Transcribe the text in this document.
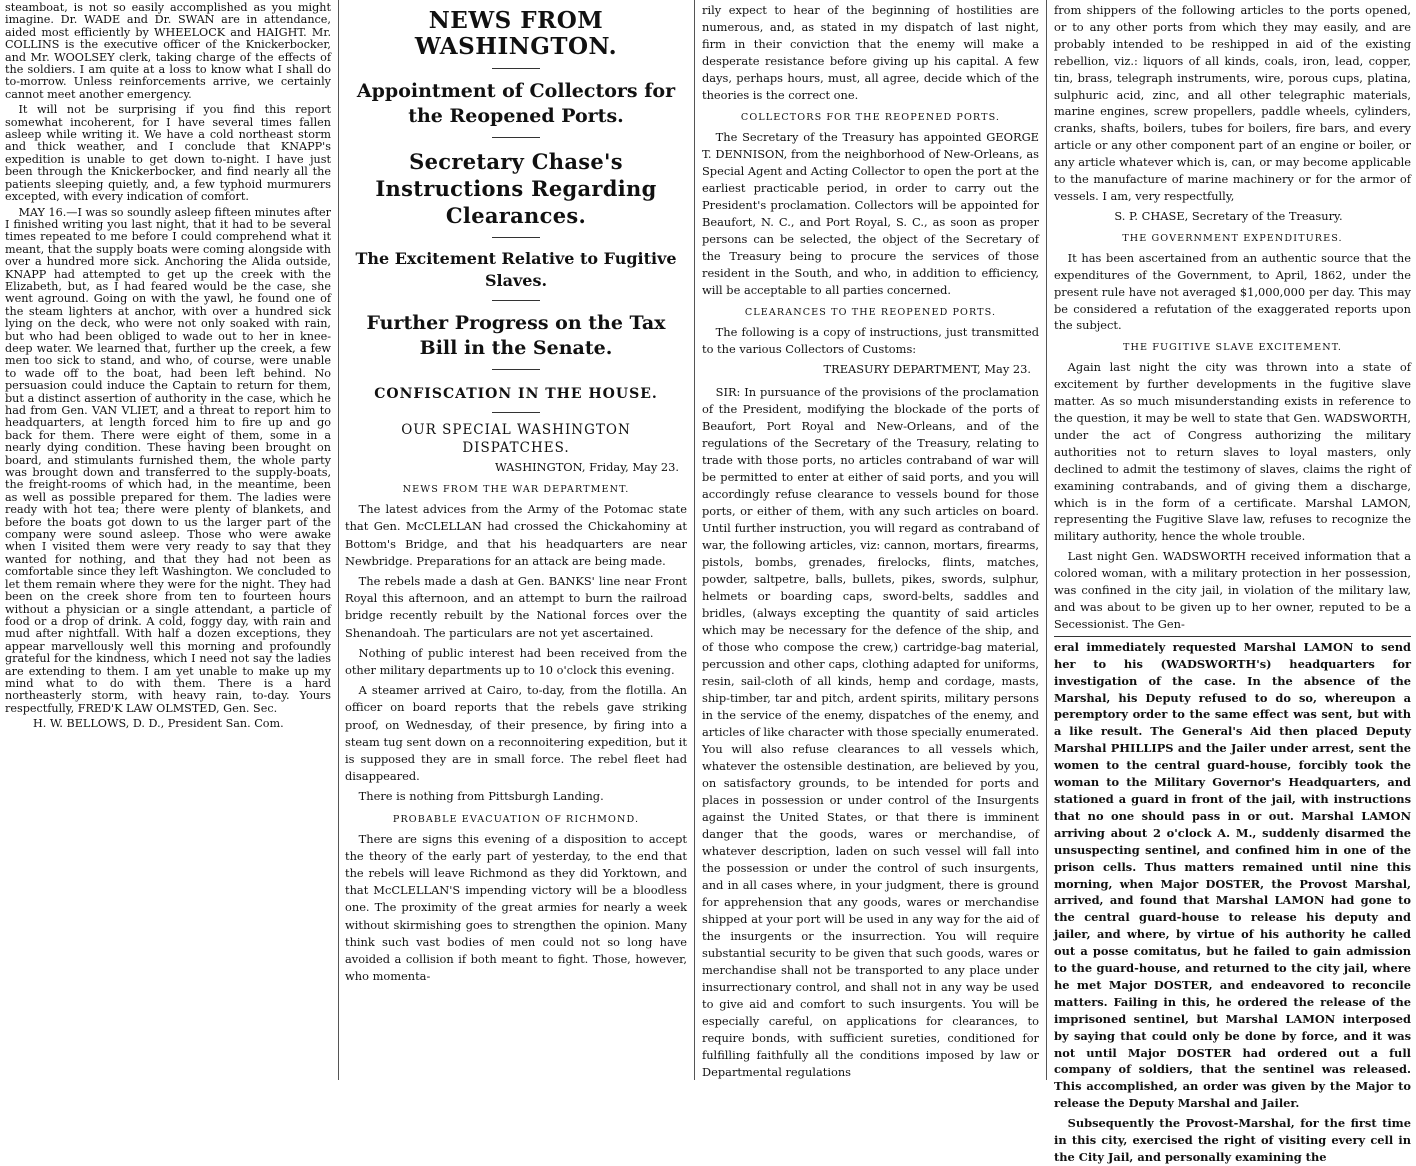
steamboat, is not so easily accomplished as you might imagine. Dr. WADE and Dr. SWAN are in attendance, aided most efficiently by WHEELOCK and HAIGHT. Mr. COLLINS is the executive officer of the Knickerbocker, and Mr. WOOLSEY clerk, taking charge of the effects of the soldiers. I am quite at a loss to know what I shall do to-morrow. Unless reinforcements arrive, we certainly cannot meet another emergency.

It will not be surprising if you find this report somewhat incoherent, for I have several times fallen asleep while writing it. We have a cold northeast storm and thick weather, and I conclude that KNAPP's expedition is unable to get down to-night. I have just been through the Knickerbocker, and find nearly all the patients sleeping quietly, and, a few typhoid murmurers excepted, with every indication of comfort.

MAY 16.—I was so soundly asleep fifteen minutes after I finished writing you last night, that it had to be several times repeated to me before I could comprehend what it meant, that the supply boats were coming alongside with over a hundred more sick. Anchoring the Alida outside, KNAPP had attempted to get up the creek with the Elizabeth, but, as I had feared would be the case, she went aground. Going on with the yawl, he found one of the steam lighters at anchor, with over a hundred sick lying on the deck, who were not only soaked with rain, but who had been obliged to wade out to her in knee-deep water. We learned that, further up the creek, a few men too sick to stand, and who, of course, were unable to wade off to the boat, had been left behind. No persuasion could induce the Captain to return for them, but a distinct assertion of authority in the case, which he had from Gen. VAN VLIET, and a threat to report him to headquarters, at length forced him to fire up and go back for them. There were eight of them, some in a nearly dying condition. These having been brought on board, and stimulants furnished them, the whole party was brought down and transferred to the supply-boats, the freight-rooms of which had, in the meantime, been as well as possible prepared for them. The ladies were ready with hot tea; there were plenty of blankets, and before the boats got down to us the larger part of the company were sound asleep. Those who were awake when I visited them were very ready to say that they wanted for nothing, and that they had not been as comfortable since they left Washington. We concluded to let them remain where they were for the night. They had been on the creek shore from ten to fourteen hours without a physician or a single attendant, a particle of food or a drop of drink. A cold, foggy day, with rain and mud after nightfall. With half a dozen exceptions, they appear marvellously well this morning and profoundly grateful for the kindness, which I need not say the ladies are extending to them. I am yet unable to make up my mind what to do with them. There is a hard northeasterly storm, with heavy rain, to-day. Yours respectfully, FRED'K LAW OLMSTED, Gen. Sec.

H. W. BELLOWS, D. D., President San. Com.

NEWS FROM WASHINGTON.
Appointment of Collectors for the Reopened Ports.
Secretary Chase's Instructions Regarding Clearances.
The Excitement Relative to Fugitive Slaves.
Further Progress on the Tax Bill in the Senate.
CONFISCATION IN THE HOUSE.
OUR SPECIAL WASHINGTON DISPATCHES.
WASHINGTON, Friday, May 23.
NEWS FROM THE WAR DEPARTMENT.

The latest advices from the Army of the Potomac state that Gen. McCLELLAN had crossed the Chickahominy at Bottom's Bridge, and that his headquarters are near Newbridge. Preparations for an attack are being made.

The rebels made a dash at Gen. BANKS' line near Front Royal this afternoon, and an attempt to burn the railroad bridge recently rebuilt by the National forces over the Shenandoah. The particulars are not yet ascertained.

Nothing of public interest had been received from the other military departments up to 10 o'clock this evening.

A steamer arrived at Cairo, to-day, from the flotilla. An officer on board reports that the rebels gave striking proof, on Wednesday, of their presence, by firing into a steam tug sent down on a reconnoitering expedition, but it is supposed they are in small force. The rebel fleet had disappeared.

There is nothing from Pittsburgh Landing.

PROBABLE EVACUATION OF RICHMOND.

There are signs this evening of a disposition to accept the theory of the early part of yesterday, to the end that the rebels will leave Richmond as they did Yorktown, and that McCLELLAN'S impending victory will be a bloodless one. The proximity of the great armies for nearly a week without skirmishing goes to strengthen the opinion. Many think such vast bodies of men could not so long have avoided a collision if both meant to fight. Those, however, who momenta-

rily expect to hear of the beginning of hostilities are numerous, and, as stated in my dispatch of last night, firm in their conviction that the enemy will make a desperate resistance before giving up his capital. A few days, perhaps hours, must, all agree, decide which of the theories is the correct one.

COLLECTORS FOR THE REOPENED PORTS.

The Secretary of the Treasury has appointed GEORGE T. DENNISON, from the neighborhood of New-Orleans, as Special Agent and Acting Collector to open the port at the earliest practicable period, in order to carry out the President's proclamation. Collectors will be appointed for Beaufort, N. C., and Port Royal, S. C., as soon as proper persons can be selected, the object of the Secretary of the Treasury being to procure the services of those resident in the South, and who, in addition to efficiency, will be acceptable to all parties concerned.

CLEARANCES TO THE REOPENED PORTS.

The following is a copy of instructions, just transmitted to the various Collectors of Customs:

TREASURY DEPARTMENT, May 23.

SIR: In pursuance of the provisions of the proclamation of the President, modifying the blockade of the ports of Beaufort, Port Royal and New-Orleans, and of the regulations of the Secretary of the Treasury, relating to trade with those ports, no articles contraband of war will be permitted to enter at either of said ports, and you will accordingly refuse clearance to vessels bound for those ports, or either of them, with any such articles on board. Until further instruction, you will regard as contraband of war, the following articles, viz: cannon, mortars, firearms, pistols, bombs, grenades, firelocks, flints, matches, powder, saltpetre, balls, bullets, pikes, swords, sulphur, helmets or boarding caps, sword-belts, saddles and bridles, (always excepting the quantity of said articles which may be necessary for the defence of the ship, and of those who compose the crew,) cartridge-bag material, percussion and other caps, clothing adapted for uniforms, resin, sail-cloth of all kinds, hemp and cordage, masts, ship-timber, tar and pitch, ardent spirits, military persons in the service of the enemy, dispatches of the enemy, and articles of like character with those specially enumerated. You will also refuse clearances to all vessels which, whatever the ostensible destination, are believed by you, on satisfactory grounds, to be intended for ports and places in possession or under control of the Insurgents against the United States, or that there is imminent danger that the goods, wares or merchandise, of whatever description, laden on such vessel will fall into the possession or under the control of such insurgents, and in all cases where, in your judgment, there is ground for apprehension that any goods, wares or merchandise shipped at your port will be used in any way for the aid of the insurgents or the insurrection. You will require substantial security to be given that such goods, wares or merchandise shall not be transported to any place under insurrectionary control, and shall not in any way be used to give aid and comfort to such insurgents. You will be especially careful, on applications for clearances, to require bonds, with sufficient sureties, conditioned for fulfilling faithfully all the conditions imposed by law or Departmental regulations

from shippers of the following articles to the ports opened, or to any other ports from which they may easily, and are probably intended to be reshipped in aid of the existing rebellion, viz.: liquors of all kinds, coals, iron, lead, copper, tin, brass, telegraph instruments, wire, porous cups, platina, sulphuric acid, zinc, and all other telegraphic materials, marine engines, screw propellers, paddle wheels, cylinders, cranks, shafts, boilers, tubes for boilers, fire bars, and every article or any other component part of an engine or boiler, or any article whatever which is, can, or may become applicable to the manufacture of marine machinery or for the armor of vessels. I am, very respectfully,

S. P. CHASE, Secretary of the Treasury.
THE GOVERNMENT EXPENDITURES.

It has been ascertained from an authentic source that the expenditures of the Government, to April, 1862, under the present rule have not averaged $1,000,000 per day. This may be considered a refutation of the exaggerated reports upon the subject.

THE FUGITIVE SLAVE EXCITEMENT.

Again last night the city was thrown into a state of excitement by further developments in the fugitive slave matter. As so much misunderstanding exists in reference to the question, it may be well to state that Gen. WADSWORTH, under the act of Congress authorizing the military authorities not to return slaves to loyal masters, only declined to admit the testimony of slaves, claims the right of examining contrabands, and of giving them a discharge, which is in the form of a certificate. Marshal LAMON, representing the Fugitive Slave law, refuses to recognize the military authority, hence the whole trouble.

Last night Gen. WADSWORTH received information that a colored woman, with a military protection in her possession, was confined in the city jail, in violation of the military law, and was about to be given up to her owner, reputed to be a Secessionist. The Gen-

eral immediately requested Marshal LAMON to send her to his (WADSWORTH's) headquarters for investigation of the case. In the absence of the Marshal, his Deputy refused to do so, whereupon a peremptory order to the same effect was sent, but with a like result. The General's Aid then placed Deputy Marshal PHILLIPS and the Jailer under arrest, sent the women to the central guard-house, forcibly took the woman to the Military Governor's Headquarters, and stationed a guard in front of the jail, with instructions that no one should pass in or out. Marshal LAMON arriving about 2 o'clock A. M., suddenly disarmed the unsuspecting sentinel, and confined him in one of the prison cells. Thus matters remained until nine this morning, when Major DOSTER, the Provost Marshal, arrived, and found that Marshal LAMON had gone to the central guard-house to release his deputy and jailer, and where, by virtue of his authority he called out a posse comitatus, but he failed to gain admission to the guard-house, and returned to the city jail, where he met Major DOSTER, and endeavored to reconcile matters. Failing in this, he ordered the release of the imprisoned sentinel, but Marshal LAMON interposed by saying that could only be done by force, and it was not until Major DOSTER had ordered out a full company of soldiers, that the sentinel was released. This accomplished, an order was given by the Major to release the Deputy Marshal and Jailer.

Subsequently the Provost-Marshal, for the first time in this city, exercised the right of visiting every cell in the City Jail, and personally examining the
